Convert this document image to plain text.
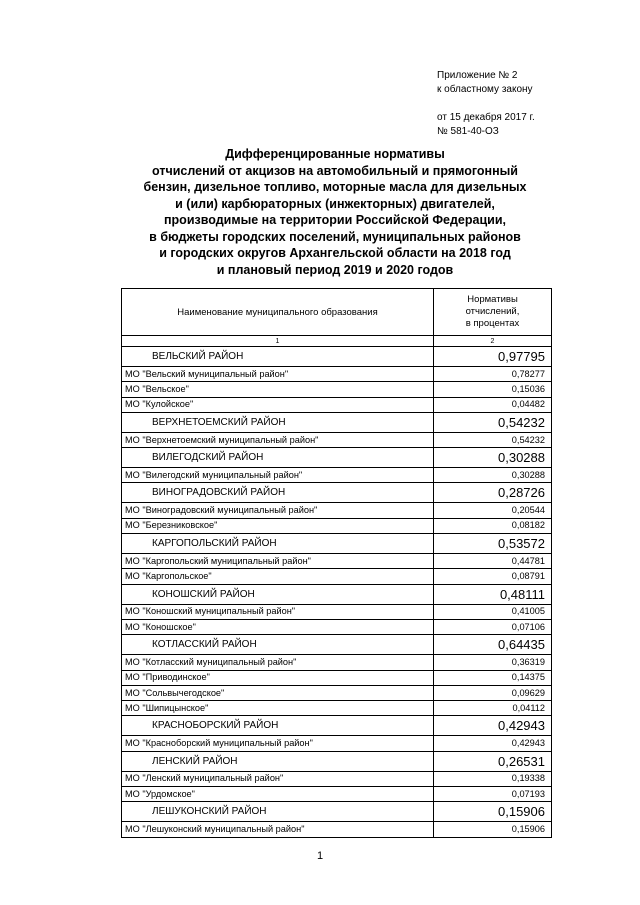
Приложение № 2
к областному закону
от 15 декабря 2017 г.
№ 581-40-ОЗ
Дифференцированные нормативы
отчислений от акцизов на автомобильный и прямогонный
бензин, дизельное топливо, моторные масла для дизельных
и (или) карбюраторных (инжекторных) двигателей,
производимые на территории Российской Федерации,
в бюджеты городских поселений, муниципальных районов
и городских округов Архангельской области на 2018 год
и плановый период 2019 и 2020 годов
Наименование муниципального образования	Нормативы
отчислений,
в процентах

1	2
ВЕЛЬСКИЙ РАЙОН	0,97795
МО "Вельский муниципальный район"	0,78277
МО "Вельское"	0,15036
МО "Кулойское"	0,04482
ВЕРХНЕТОЕМСКИЙ РАЙОН	0,54232
МО "Верхнетоемский муниципальный район"	0,54232
ВИЛЕГОДСКИЙ РАЙОН	0,30288
МО "Вилегодский муниципальный район"	0,30288
ВИНОГРАДОВСКИЙ РАЙОН	0,28726
МО "Виноградовский муниципальный район"	0,20544
МО "Березниковское"	0,08182
КАРГОПОЛЬСКИЙ РАЙОН	0,53572
МО "Каргопольский муниципальный район"	0,44781
МО "Каргопольское"	0,08791
КОНОШСКИЙ РАЙОН	0,48111
МО "Коношский муниципальный район"	0,41005
МО "Коношское"	0,07106
КОТЛАССКИЙ РАЙОН	0,64435
МО "Котласский муниципальный район"	0,36319
МО "Приводинское"	0,14375
МО "Сольвычегодское"	0,09629
МО "Шипицынское"	0,04112
КРАСНОБОРСКИЙ РАЙОН	0,42943
МО "Красноборский муниципальный район"	0,42943
ЛЕНСКИЙ РАЙОН	0,26531
МО "Ленский муниципальный район"	0,19338
МО "Урдомское"	0,07193
ЛЕШУКОНСКИЙ РАЙОН	0,15906
МО "Лешуконский муниципальный район"	0,15906
1
